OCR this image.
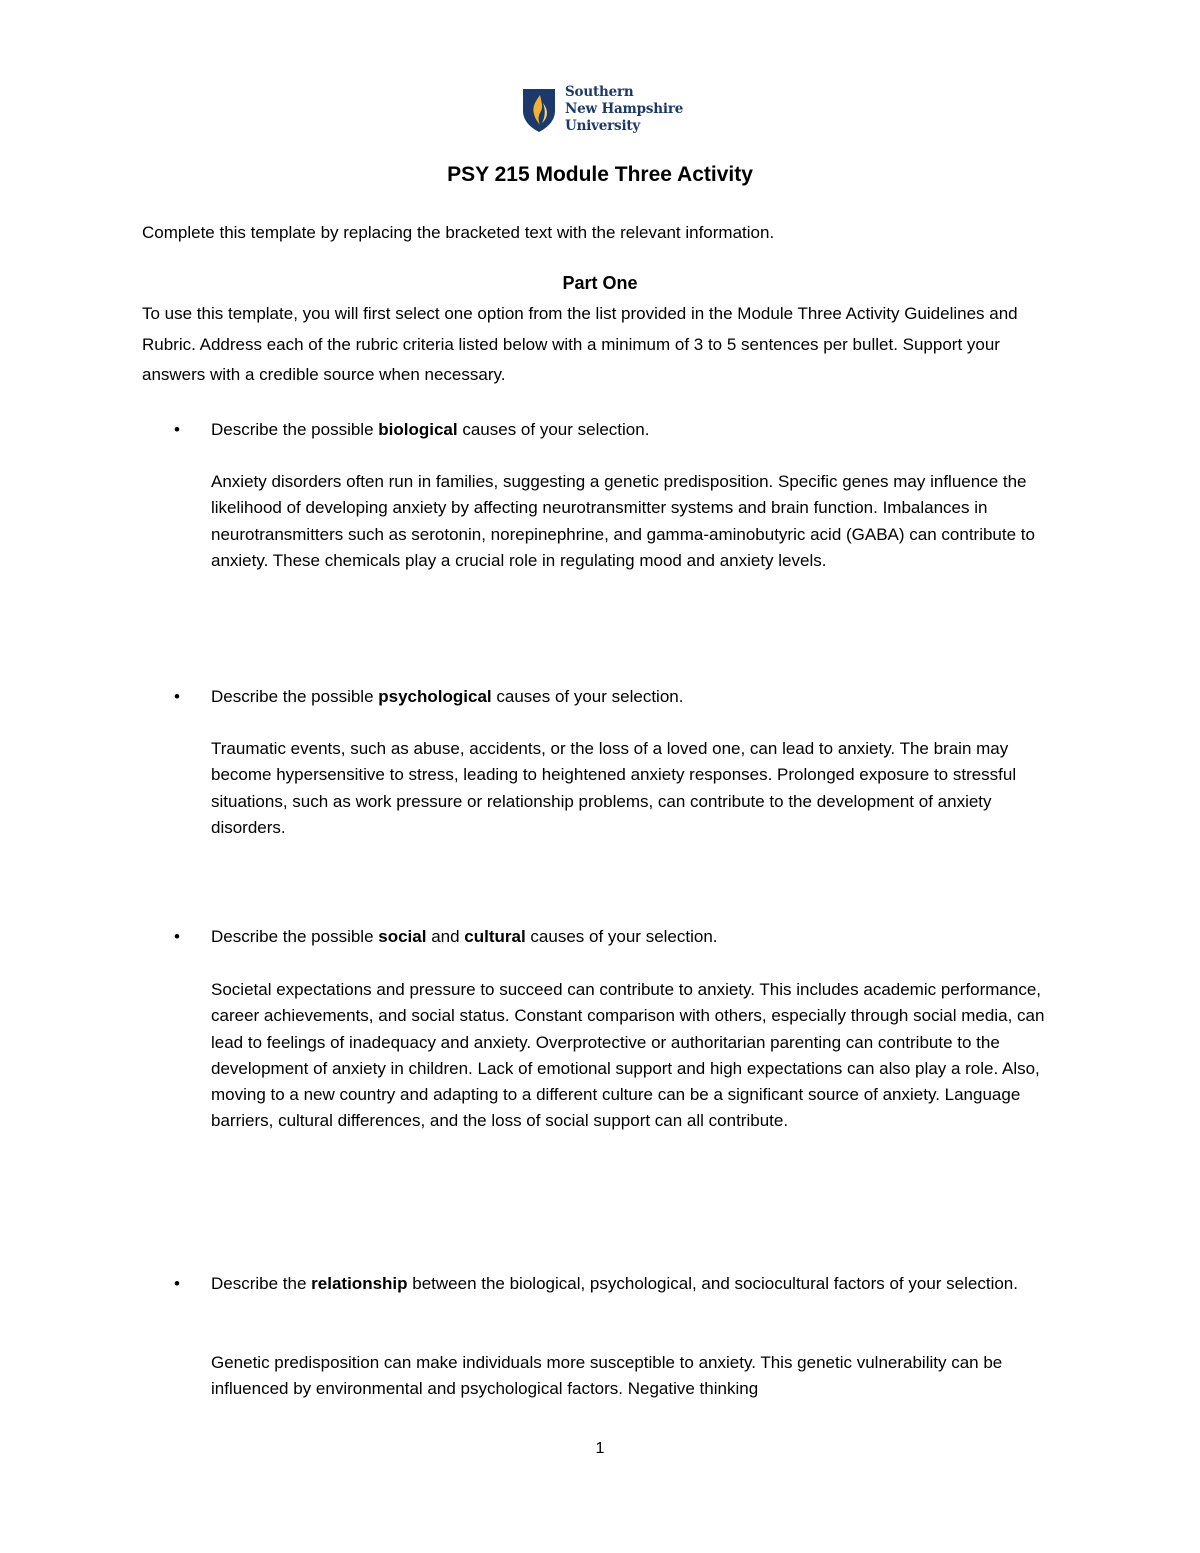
Southern
New Hampshire
University
PSY 215 Module Three Activity
Complete this template by replacing the bracketed text with the relevant information.
Part One
To use this template, you will first select one option from the list provided in the Module Three Activity Guidelines and Rubric. Address each of the rubric criteria listed below with a minimum of 3 to 5 sentences per bullet. Support your answers with a credible source when necessary.
• Describe the possible biological causes of your selection.
Anxiety disorders often run in families, suggesting a genetic predisposition. Specific genes may influence the likelihood of developing anxiety by affecting neurotransmitter systems and brain function. Imbalances in neurotransmitters such as serotonin, norepinephrine, and gamma-aminobutyric acid (GABA) can contribute to anxiety. These chemicals play a crucial role in regulating mood and anxiety levels.
• Describe the possible psychological causes of your selection.
Traumatic events, such as abuse, accidents, or the loss of a loved one, can lead to anxiety. The brain may become hypersensitive to stress, leading to heightened anxiety responses. Prolonged exposure to stressful situations, such as work pressure or relationship problems, can contribute to the development of anxiety disorders.
• Describe the possible social and cultural causes of your selection.
Societal expectations and pressure to succeed can contribute to anxiety. This includes academic performance, career achievements, and social status. Constant comparison with others, especially through social media, can lead to feelings of inadequacy and anxiety. Overprotective or authoritarian parenting can contribute to the development of anxiety in children. Lack of emotional support and high expectations can also play a role. Also, moving to a new country and adapting to a different culture can be a significant source of anxiety. Language barriers, cultural differences, and the loss of social support can all contribute.
• Describe the relationship between the biological, psychological, and sociocultural factors of your selection.
Genetic predisposition can make individuals more susceptible to anxiety. This genetic vulnerability can be influenced by environmental and psychological factors. Negative thinking
1
